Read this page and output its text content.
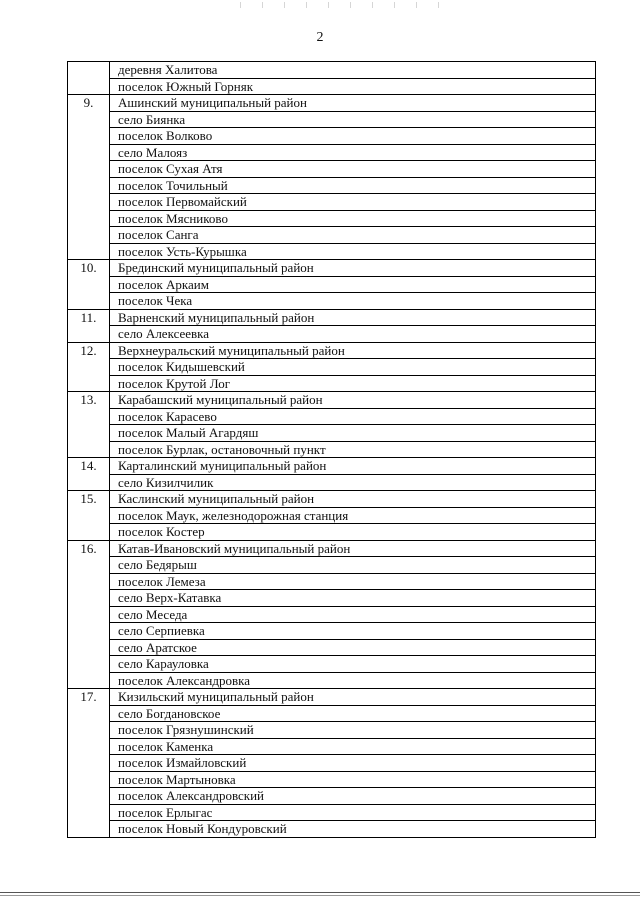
2
	деревня Халитова
	поселок Южный Горняк
9.	Ашинский муниципальный район
	село Биянка
	поселок Волково
	село Малояз
	поселок Сухая Атя
	поселок Точильный
	поселок Первомайский
	поселок Мясниково
	поселок Санга
	поселок Усть-Курышка
10.	Брединский муниципальный район
	поселок Аркаим
	поселок Чека
11.	Варненский муниципальный район
	село Алексеевка
12.	Верхнеуральский муниципальный район
	поселок Кидышевский
	поселок Крутой Лог
13.	Карабашский муниципальный район
	поселок Карасево
	поселок Малый Агардяш
	поселок Бурлак, остановочный пункт
14.	Карталинский муниципальный район
	село Кизилчилик
15.	Каслинский муниципальный район
	поселок Маук, железнодорожная станция
	поселок Костер
16.	Катав-Ивановский муниципальный район
	село Бедярыш
	поселок Лемеза
	село Верх-Катавка
	село Меседа
	село Серпиевка
	село Аратское
	село Карауловка
	поселок Александровка
17.	Кизильский муниципальный район
	село Богдановское
	поселок Грязнушинский
	поселок Каменка
	поселок Измайловский
	поселок Мартыновка
	поселок Александровский
	поселок Ерлыгас
	поселок Новый Кондуровский
